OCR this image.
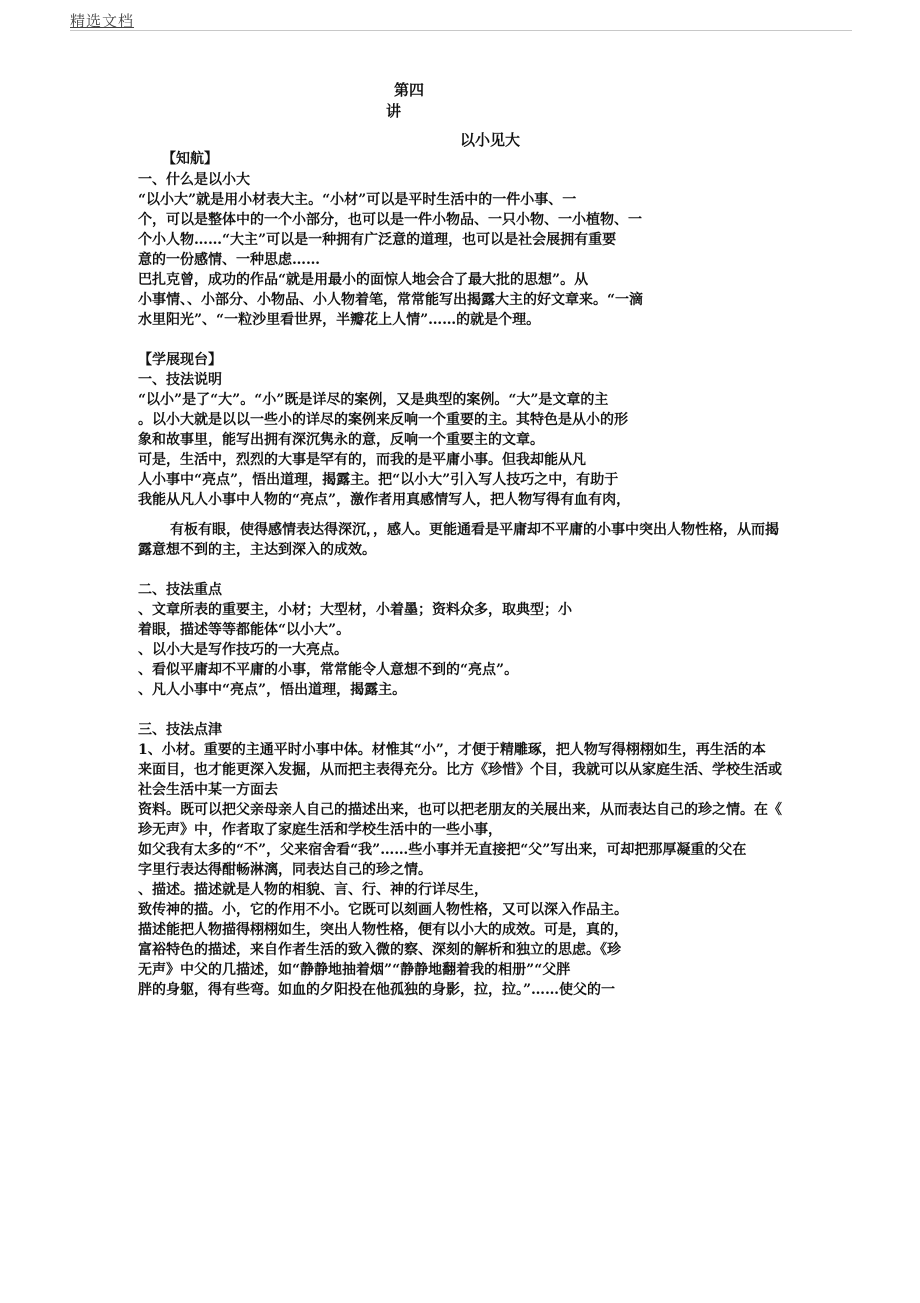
精选文档
第四
讲
以小见大
【知航】
一、什么是以小大
“以小大”就是用小材表大主。“小材”可以是平时生活中的一件小事、一
个，可以是整体中的一个小部分，也可以是一件小物品、一只小物、一小植物、一
个小人物……“大主”可以是一种拥有广泛意的道理，也可以是社会展拥有重要
意的一份感情、一种思虑……
巴扎克曾，成功的作品“就是用最小的面惊人地会合了最大批的思想”。从
小事情、、小部分、小物品、小人物着笔，常常能写出揭露大主的好文章来。“一滴
水里阳光”、“一粒沙里看世界，半瓣花上人情”……的就是个理。
【学展现台】
一、技法说明
“以小”是了“大”。“小”既是详尽的案例，又是典型的案例。“大”是文章的主
。以小大就是以以一些小的详尽的案例来反响一个重要的主。其特色是从小的形
象和故事里，能写出拥有深沉隽永的意，反响一个重要主的文章。
可是，生活中，烈烈的大事是罕有的，而我的是平庸小事。但我却能从凡
人小事中“亮点”，悟出道理，揭露主。把“以小大”引入写人技巧之中，有助于
我能从凡人小事中人物的“亮点”，激作者用真感情写人，把人物写得有血有肉，
有板有眼，使得感情表达得深沉，，感人。更能通看是平庸却不平庸的小事中突出人物性格，从而揭
露意想不到的主，主达到深入的成效。
二、技法重点
、文章所表的重要主，小材；大型材，小着墨；资料众多，取典型；小
着眼，描述等等都能体“以小大”。
、以小大是写作技巧的一大亮点。
、看似平庸却不平庸的小事，常常能令人意想不到的“亮点”。
、凡人小事中“亮点”，悟出道理，揭露主。
三、技法点津
1、小材。重要的主通平时小事中体。材惟其“小”，才便于精雕琢，把人物写得栩栩如生，再生活的本
来面目，也才能更深入发掘，从而把主表得充分。比方《珍惜》个目，我就可以从家庭生活、学校生活或
社会生活中某一方面去
资料。既可以把父亲母亲人自己的描述出来，也可以把老朋友的关展出来，从而表达自己的珍之情。在《
珍无声》中，作者取了家庭生活和学校生活中的一些小事，
如父我有太多的“不”，父来宿舍看“我”……些小事并无直接把“父”写出来，可却把那厚凝重的父在
字里行表达得酣畅淋漓，同表达自己的珍之情。
、描述。描述就是人物的相貌、言、行、神的行详尽生，
致传神的描。小，它的作用不小。它既可以刻画人物性格，又可以深入作品主。
描述能把人物描得栩栩如生，突出人物性格，便有以小大的成效。可是，真的，
富裕特色的描述，来自作者生活的致入微的察、深刻的解析和独立的思虑。《珍
无声》中父的几描述，如“静静地抽着烟”“静静地翻着我的相册”“父胖
胖的身躯，得有些弯。如血的夕阳投在他孤独的身影，拉，拉。”……使父的一
